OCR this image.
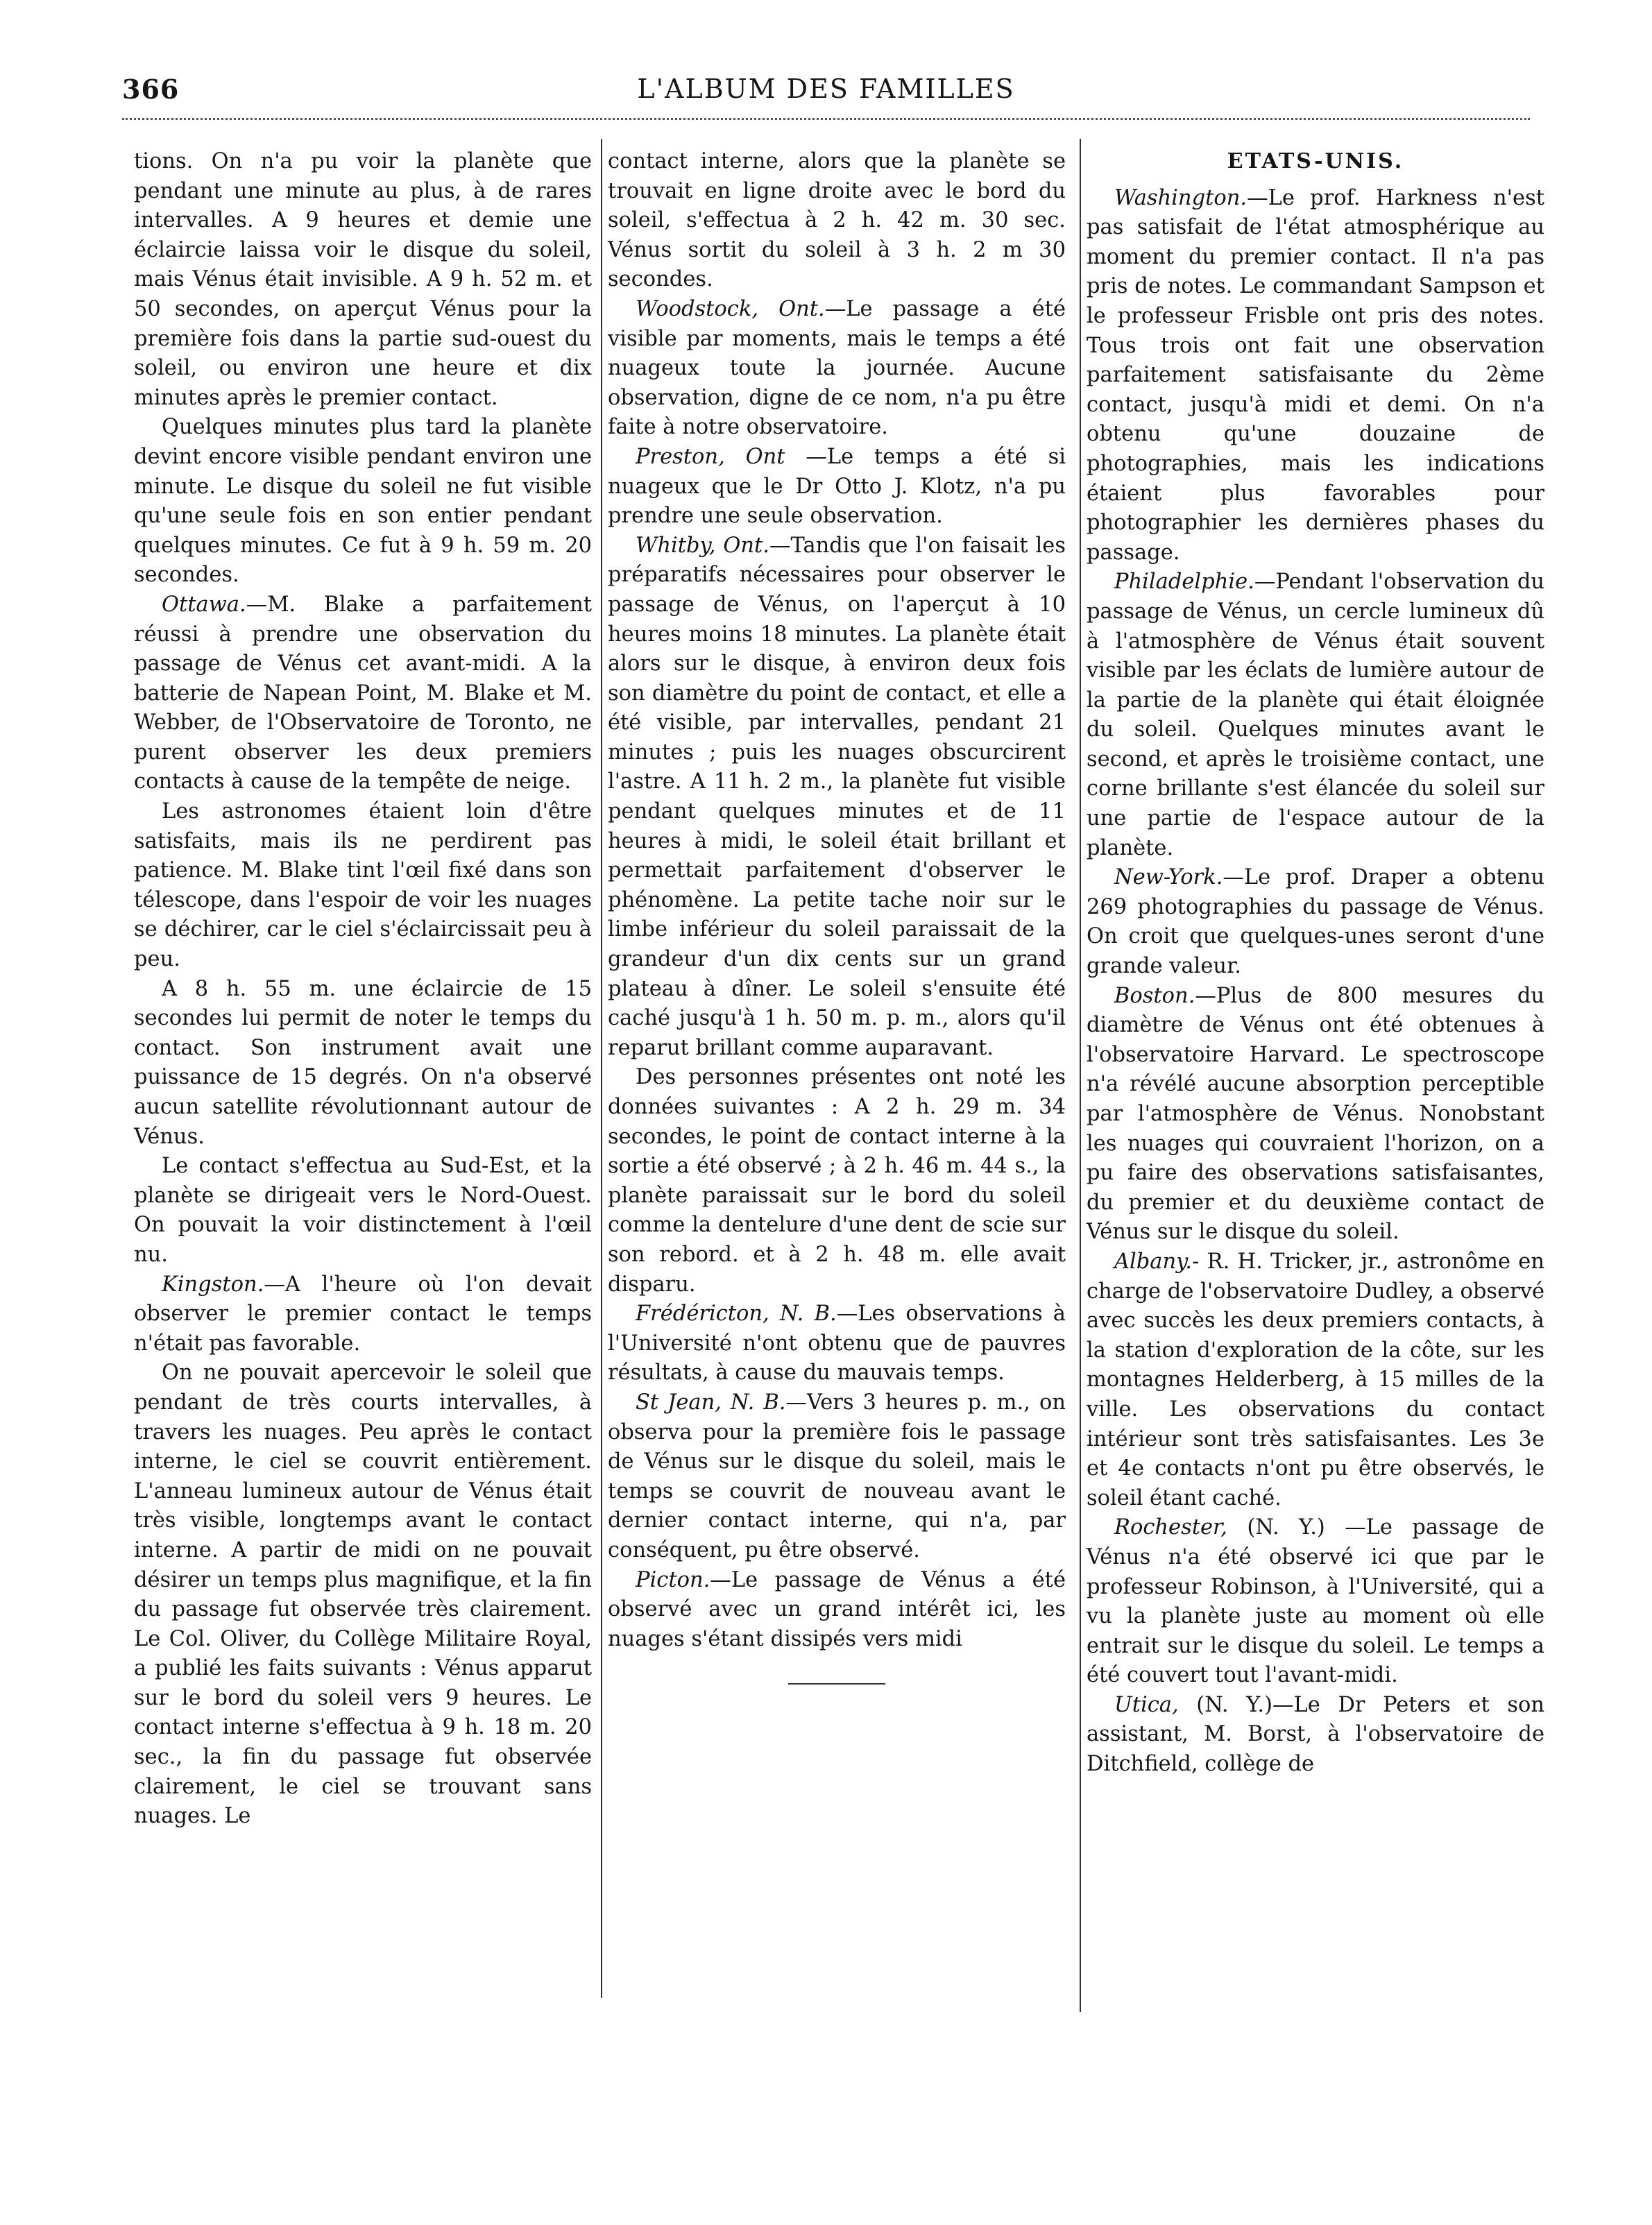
366	L'ALBUM DES FAMILLES

tions. On n'a pu voir la planète que pendant une minute au plus, à de rares intervalles. A 9 heures et demie une éclaircie laissa voir le disque du soleil, mais Vénus était invisible. A 9 h. 52 m. et 50 secondes, on aperçut Vénus pour la première fois dans la partie sud-ouest du soleil, ou environ une heure et dix minutes après le premier contact.

Quelques minutes plus tard la planète devint encore visible pendant environ une minute. Le disque du soleil ne fut visible qu'une seule fois en son entier pendant quelques minutes. Ce fut à 9 h. 59 m. 20 secondes.

Ottawa.—M. Blake a parfaitement réussi à prendre une observation du passage de Vénus cet avant-midi. A la batterie de Napean Point, M. Blake et M. Webber, de l'Observatoire de Toronto, ne purent observer les deux premiers contacts à cause de la tempête de neige.

Les astronomes étaient loin d'être satisfaits, mais ils ne perdirent pas patience. M. Blake tint l'œil fixé dans son télescope, dans l'espoir de voir les nuages se déchirer, car le ciel s'éclaircissait peu à peu.

A 8 h. 55 m. une éclaircie de 15 secondes lui permit de noter le temps du contact. Son instrument avait une puissance de 15 degrés. On n'a observé aucun satellite révolutionnant autour de Vénus.

Le contact s'effectua au Sud-Est, et la planète se dirigeait vers le Nord-Ouest. On pouvait la voir distinctement à l'œil nu.

Kingston.—A l'heure où l'on devait observer le premier contact le temps n'était pas favorable.

On ne pouvait apercevoir le soleil que pendant de très courts intervalles, à travers les nuages. Peu après le contact interne, le ciel se couvrit entièrement. L'anneau lumineux autour de Vénus était très visible, longtemps avant le contact interne. A partir de midi on ne pouvait désirer un temps plus magnifique, et la fin du passage fut observée très clairement. Le Col. Oliver, du Collège Militaire Royal, a publié les faits suivants : Vénus apparut sur le bord du soleil vers 9 heures. Le contact interne s'effectua à 9 h. 18 m. 20 sec., la fin du passage fut observée clairement, le ciel se trouvant sans nuages. Le

contact interne, alors que la planète se trouvait en ligne droite avec le bord du soleil, s'effectua à 2 h. 42 m. 30 sec. Vénus sortit du soleil à 3 h. 2 m 30 secondes.

Woodstock, Ont.—Le passage a été visible par moments, mais le temps a été nuageux toute la journée. Aucune observation, digne de ce nom, n'a pu être faite à notre observatoire.

Preston, Ont —Le temps a été si nuageux que le Dr Otto J. Klotz, n'a pu prendre une seule observation.

Whitby, Ont.—Tandis que l'on faisait les préparatifs nécessaires pour observer le passage de Vénus, on l'aperçut à 10 heures moins 18 minutes. La planète était alors sur le disque, à environ deux fois son diamètre du point de contact, et elle a été visible, par intervalles, pendant 21 minutes ; puis les nuages obscurcirent l'astre. A 11 h. 2 m., la planète fut visible pendant quelques minutes et de 11 heures à midi, le soleil était brillant et permettait parfaitement d'observer le phénomène. La petite tache noir sur le limbe inférieur du soleil paraissait de la grandeur d'un dix cents sur un grand plateau à dîner. Le soleil s'ensuite été caché jusqu'à 1 h. 50 m. p. m., alors qu'il reparut brillant comme auparavant.

Des personnes présentes ont noté les données suivantes : A 2 h. 29 m. 34 secondes, le point de contact interne à la sortie a été observé ; à 2 h. 46 m. 44 s., la planète paraissait sur le bord du soleil comme la dentelure d'une dent de scie sur son rebord. et à 2 h. 48 m. elle avait disparu.

Frédéricton, N. B.—Les observations à l'Université n'ont obtenu que de pauvres résultats, à cause du mauvais temps.

St Jean, N. B.—Vers 3 heures p. m., on observa pour la première fois le passage de Vénus sur le disque du soleil, mais le temps se couvrit de nouveau avant le dernier contact interne, qui n'a, par conséquent, pu être observé.

Picton.—Le passage de Vénus a été observé avec un grand intérêt ici, les nuages s'étant dissipés vers midi

ETATS-UNIS.

Washington.—Le prof. Harkness n'est pas satisfait de l'état atmosphérique au moment du premier contact. Il n'a pas pris de notes. Le commandant Sampson et le professeur Frisble ont pris des notes. Tous trois ont fait une observation parfaitement satisfaisante du 2ème contact, jusqu'à midi et demi. On n'a obtenu qu'une douzaine de photographies, mais les indications étaient plus favorables pour photographier les dernières phases du passage.

Philadelphie.—Pendant l'observation du passage de Vénus, un cercle lumineux dû à l'atmosphère de Vénus était souvent visible par les éclats de lumière autour de la partie de la planète qui était éloignée du soleil. Quelques minutes avant le second, et après le troisième contact, une corne brillante s'est élancée du soleil sur une partie de l'espace autour de la planète.

New-York.—Le prof. Draper a obtenu 269 photographies du passage de Vénus. On croit que quelques-unes seront d'une grande valeur.

Boston.—Plus de 800 mesures du diamètre de Vénus ont été obtenues à l'observatoire Harvard. Le spectroscope n'a révélé aucune absorption perceptible par l'atmosphère de Vénus. Nonobstant les nuages qui couvraient l'horizon, on a pu faire des observations satisfaisantes, du premier et du deuxième contact de Vénus sur le disque du soleil.

Albany.- R. H. Tricker, jr., astronôme en charge de l'observatoire Dudley, a observé avec succès les deux premiers contacts, à la station d'exploration de la côte, sur les montagnes Helderberg, à 15 milles de la ville. Les observations du contact intérieur sont très satisfaisantes. Les 3e et 4e contacts n'ont pu être observés, le soleil étant caché.

Rochester, (N. Y.) —Le passage de Vénus n'a été observé ici que par le professeur Robinson, à l'Université, qui a vu la planète juste au moment où elle entrait sur le disque du soleil. Le temps a été couvert tout l'avant-midi.

Utica, (N. Y.)—Le Dr Peters et son assistant, M. Borst, à l'observatoire de Ditchfield, collège de
